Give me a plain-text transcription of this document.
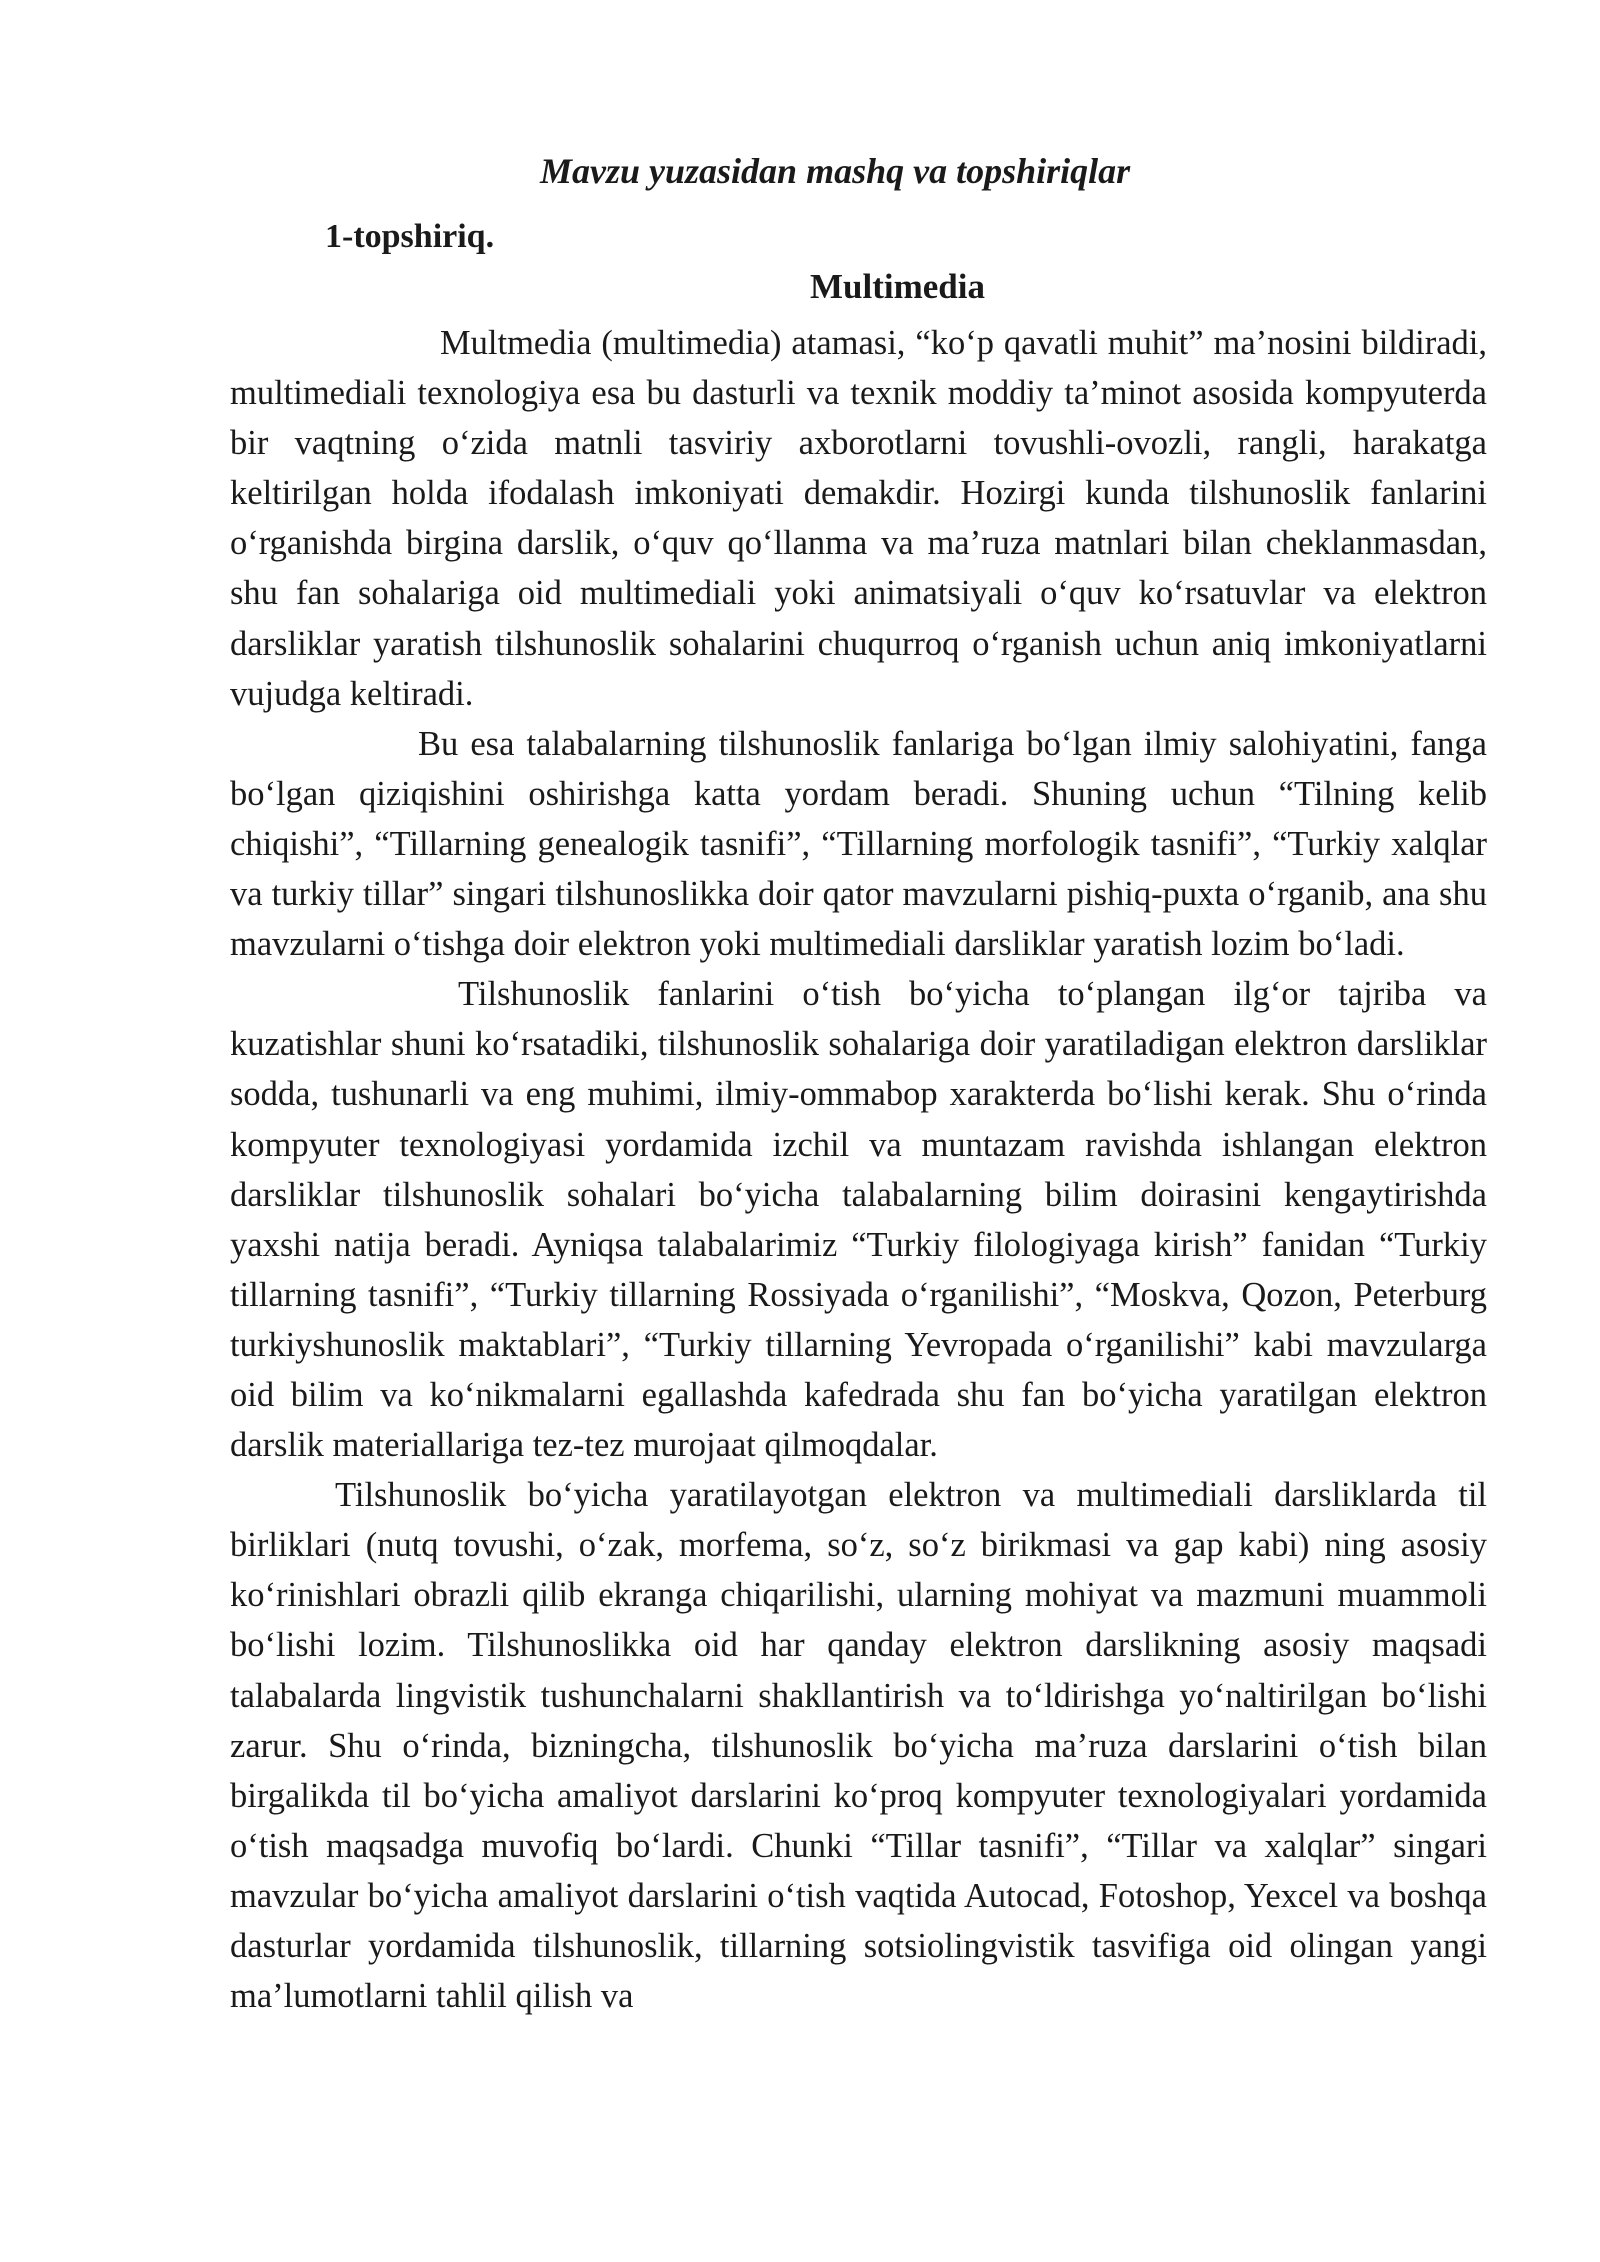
Mavzu yuzasidan mashq va topshiriqlar
1-topshiriq.
Multimedia

Multmedia (multimedia) atamasi, “ko‘p qavatli muhit” ma’nosini bildiradi, multimediali texnologiya esa bu dasturli va texnik moddiy ta’minot asosida kompyuterda bir vaqtning o‘zida matnli tasviriy axborotlarni tovushli-ovozli, rangli, harakatga keltirilgan holda ifodalash imkoniyati demakdir. Hozirgi kunda tilshunoslik fanlarini o‘rganishda birgina darslik, o‘quv qo‘llanma va ma’ruza matnlari bilan cheklanmasdan, shu fan sohalariga oid multimediali yoki animatsiyali o‘quv ko‘rsatuvlar va elektron darsliklar yaratish tilshunoslik sohalarini chuqurroq o‘rganish uchun aniq imkoniyatlarni vujudga keltiradi.

Bu esa talabalarning tilshunoslik fanlariga bo‘lgan ilmiy salohiyatini, fanga bo‘lgan qiziqishini oshirishga katta yordam beradi. Shuning uchun “Tilning kelib chiqishi”, “Tillarning genealogik tasnifi”, “Tillarning morfologik tasnifi”, “Turkiy xalqlar va turkiy tillar” singari tilshunoslikka doir qator mavzularni pishiq-puxta o‘rganib, ana shu mavzularni o‘tishga doir elektron yoki multimediali darsliklar yaratish lozim bo‘ladi.

Tilshunoslik fanlarini o‘tish bo‘yicha to‘plangan ilg‘or tajriba va kuzatishlar shuni ko‘rsatadiki, tilshunoslik sohalariga doir yaratiladigan elektron darsliklar sodda, tushunarli va eng muhimi, ilmiy-ommabop xarakterda bo‘lishi kerak. Shu o‘rinda kompyuter texnologiyasi yordamida izchil va muntazam ravishda ishlangan elektron darsliklar tilshunoslik sohalari bo‘yicha talabalarning bilim doirasini kengaytirishda yaxshi natija beradi. Ayniqsa talabalarimiz “Turkiy filologiyaga kirish” fanidan “Turkiy tillarning tasnifi”, “Turkiy tillarning Rossiyada o‘rganilishi”, “Moskva, Qozon, Peterburg turkiyshunoslik maktablari”, “Turkiy tillarning Yevropada o‘rganilishi” kabi mavzularga oid bilim va ko‘nikmalarni egallashda kafedrada shu fan bo‘yicha yaratilgan elektron darslik materiallariga tez-tez murojaat qilmoqdalar.

Tilshunoslik bo‘yicha yaratilayotgan elektron va multimediali darsliklarda til birliklari (nutq tovushi, o‘zak, morfema, so‘z, so‘z birikmasi va gap kabi) ning asosiy ko‘rinishlari obrazli qilib ekranga chiqarilishi, ularning mohiyat va mazmuni muammoli bo‘lishi lozim. Tilshunoslikka oid har qanday elektron darslikning asosiy maqsadi talabalarda lingvistik tushunchalarni shakllantirish va to‘ldirishga yo‘naltirilgan bo‘lishi zarur. Shu o‘rinda, bizningcha, tilshunoslik bo‘yicha ma’ruza darslarini o‘tish bilan birgalikda til bo‘yicha amaliyot darslarini ko‘proq kompyuter texnologiyalari yordamida o‘tish maqsadga muvofiq bo‘lardi. Chunki “Tillar tasnifi”, “Tillar va xalqlar” singari mavzular bo‘yicha amaliyot darslarini o‘tish vaqtida Autocad, Fotoshop, Yexcel va boshqa dasturlar yordamida tilshunoslik, tillarning sotsiolingvistik tasvifiga oid olingan yangi ma’lumotlarni tahlil qilish va
